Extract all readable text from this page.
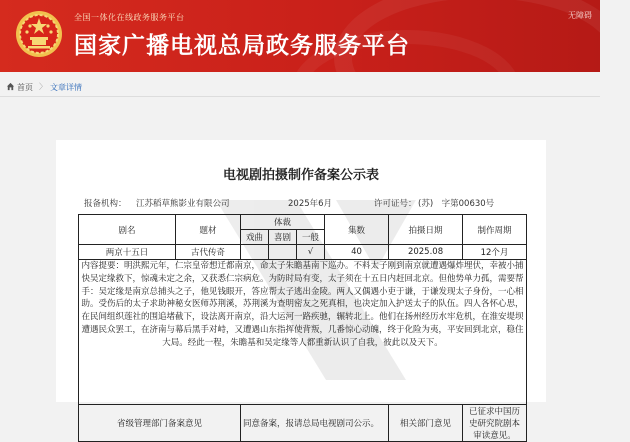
全国一体化在线政务服务平台
国家广播电视总局政务服务平台
无障碍
首页 〉 文章详情
电视剧拍摄制作备案公示表
报备机构： 江苏稻草熊影业有限公司	2025年6月	许可证号： (苏)　字第00630号
剧名	题材	体裁			集数	拍摄日期	制作周期
		戏曲	喜剧	一般			
两京十五日	古代传奇			√	40	2025.08	12个月
内容提要：明洪熙元年，仁宗皇帝想迁都南京，命太子朱瞻基南下巡办。不料太子刚到南京就遭遇爆炸埋伏，幸被小捕快吴定缘救下，惊魂未定之余，又获悉仁宗病危。为防时局有变，太子须在十五日内赶回北京。但他势单力孤，需要帮手：吴定缘是南京总捕头之子，他见钱眼开，答应帮太子逃出金陵。两人又偶遇小吏于谦，于谦发现太子身份，一心相助。受伤后的太子求助神秘女医师苏荆溪，苏荆溪为查明密友之死真相，也决定加入护送太子的队伍。四人各怀心思，在民间组织莲社的围追堵截下，设法离开南京，沿大运河一路疾驰，辗转北上。他们在扬州经历水牢危机，在淮安堤坝遭遇民众罢工，在济南与幕后黑手对峙，又遭遇山东指挥使背叛，几番惊心动魄，终于化险为夷，平安回到北京，稳住大局。经此一程，朱瞻基和吴定缘等人都重新认识了自我，彼此以及天下。							
省级管理部门备案意见		同意备案，报请总局电视剧司公示。				相关部门意见	已征求中国历史研究院剧本审读意见。
